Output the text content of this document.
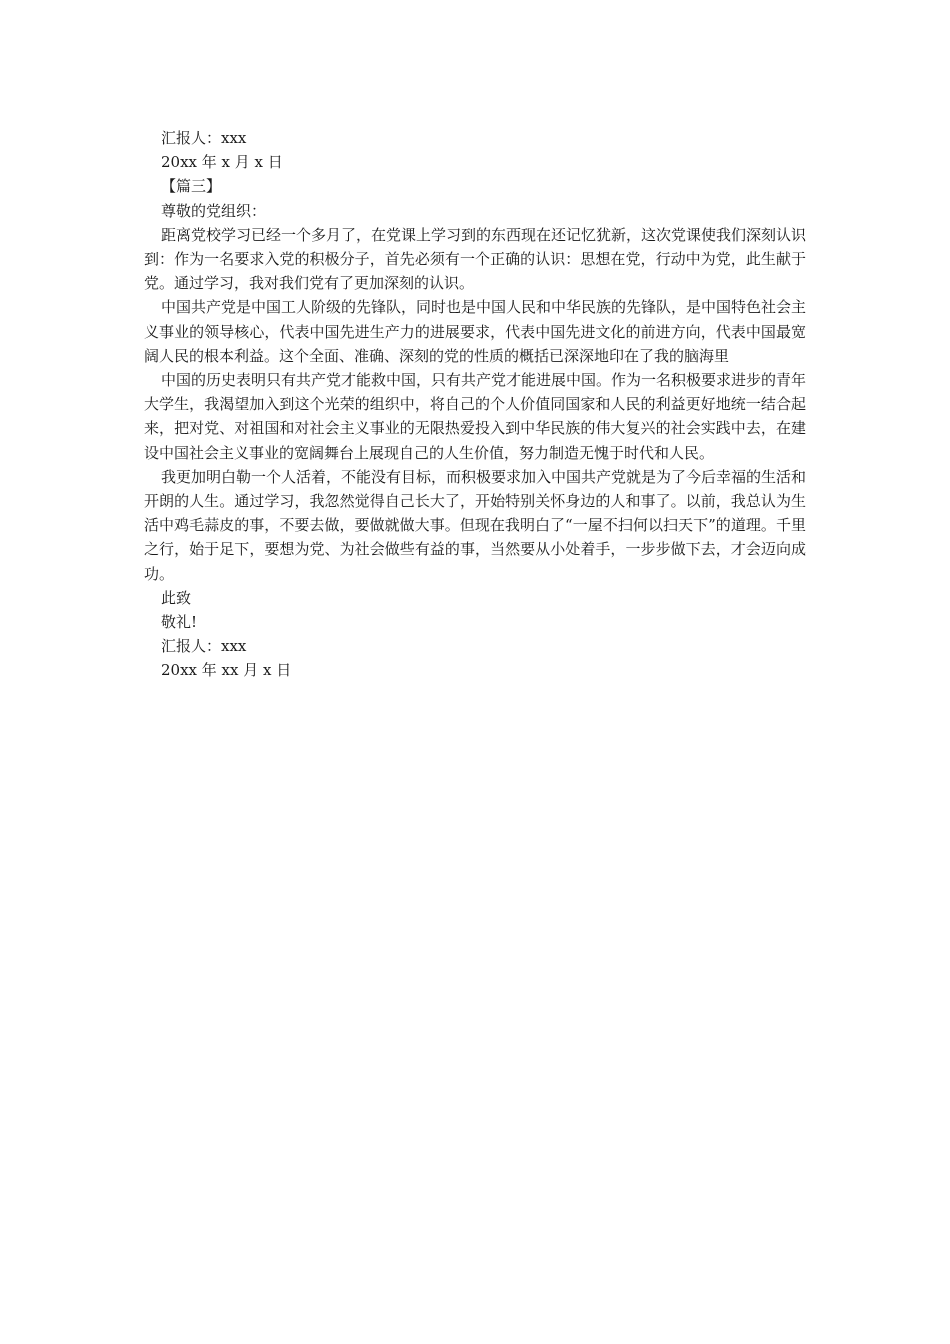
汇报人：xxx

20xx 年 x 月 x 日

【篇三】

尊敬的党组织：

距离党校学习已经一个多月了，在党课上学习到的东西现在还记忆犹新，这次党课使我们深刻认识到：作为一名要求入党的积极分子，首先必须有一个正确的认识：思想在党，行动中为党，此生献于党。通过学习，我对我们党有了更加深刻的认识。

中国共产党是中国工人阶级的先锋队，同时也是中国人民和中华民族的先锋队，是中国特色社会主义事业的领导核心，代表中国先进生产力的进展要求，代表中国先进文化的前进方向，代表中国最宽阔人民的根本利益。这个全面、准确、深刻的党的性质的概括已深深地印在了我的脑海里

中国的历史表明只有共产党才能救中国，只有共产党才能进展中国。作为一名积极要求进步的青年大学生，我渴望加入到这个光荣的组织中，将自己的个人价值同国家和人民的利益更好地统一结合起来，把对党、对祖国和对社会主义事业的无限热爱投入到中华民族的伟大复兴的社会实践中去，在建设中国社会主义事业的宽阔舞台上展现自己的人生价值，努力制造无愧于时代和人民。

我更加明白勒一个人活着，不能没有目标，而积极要求加入中国共产党就是为了今后幸福的生活和开朗的人生。通过学习，我忽然觉得自己长大了，开始特别关怀身边的人和事了。以前，我总认为生活中鸡毛蒜皮的事，不要去做，要做就做大事。但现在我明白了“一屋不扫何以扫天下”的道理。千里之行，始于足下，要想为党、为社会做些有益的事，当然要从小处着手，一步步做下去，才会迈向成功。

此致

敬礼!

汇报人：xxx

20xx 年 xx 月 x 日
